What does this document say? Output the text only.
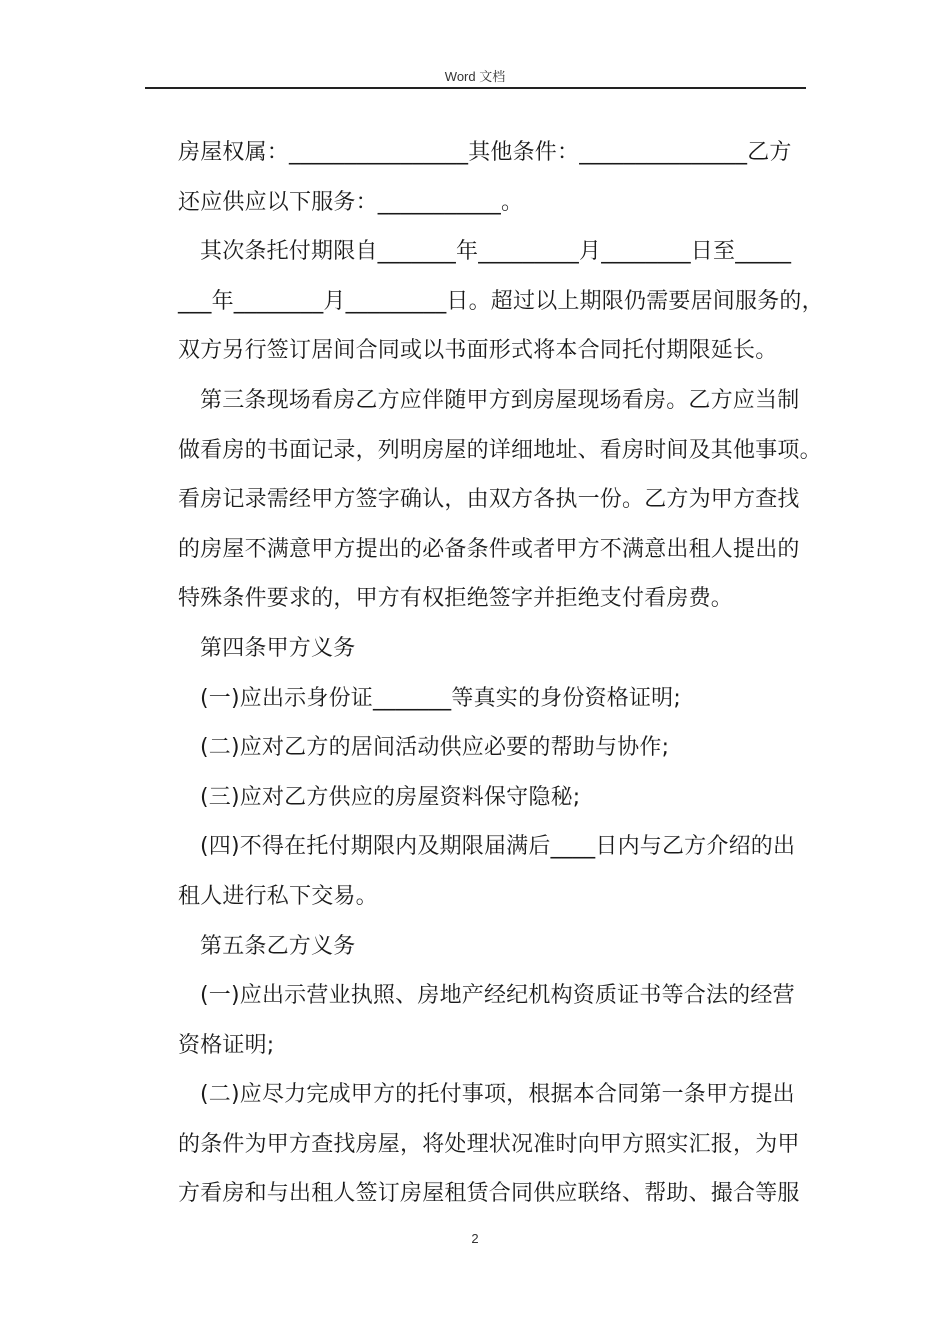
Word 文档
房屋权属：________________其他条件：_______________乙方
还应供应以下服务：___________。
其次条托付期限自_______年_________月________日至_____
___年________月_________日。超过以上期限仍需要居间服务的，
双方另行签订居间合同或以书面形式将本合同托付期限延长。
第三条现场看房乙方应伴随甲方到房屋现场看房。乙方应当制
做看房的书面记录，列明房屋的详细地址、看房时间及其他事项。
看房记录需经甲方签字确认，由双方各执一份。乙方为甲方查找
的房屋不满意甲方提出的必备条件或者甲方不满意出租人提出的
特殊条件要求的，甲方有权拒绝签字并拒绝支付看房费。
第四条甲方义务
(一)应出示身份证_______等真实的身份资格证明;
(二)应对乙方的居间活动供应必要的帮助与协作;
(三)应对乙方供应的房屋资料保守隐秘;
(四)不得在托付期限内及期限届满后____日内与乙方介绍的出
租人进行私下交易。
第五条乙方义务
(一)应出示营业执照、房地产经纪机构资质证书等合法的经营
资格证明;
(二)应尽力完成甲方的托付事项，根据本合同第一条甲方提出
的条件为甲方查找房屋，将处理状况准时向甲方照实汇报，为甲
方看房和与出租人签订房屋租赁合同供应联络、帮助、撮合等服
2
